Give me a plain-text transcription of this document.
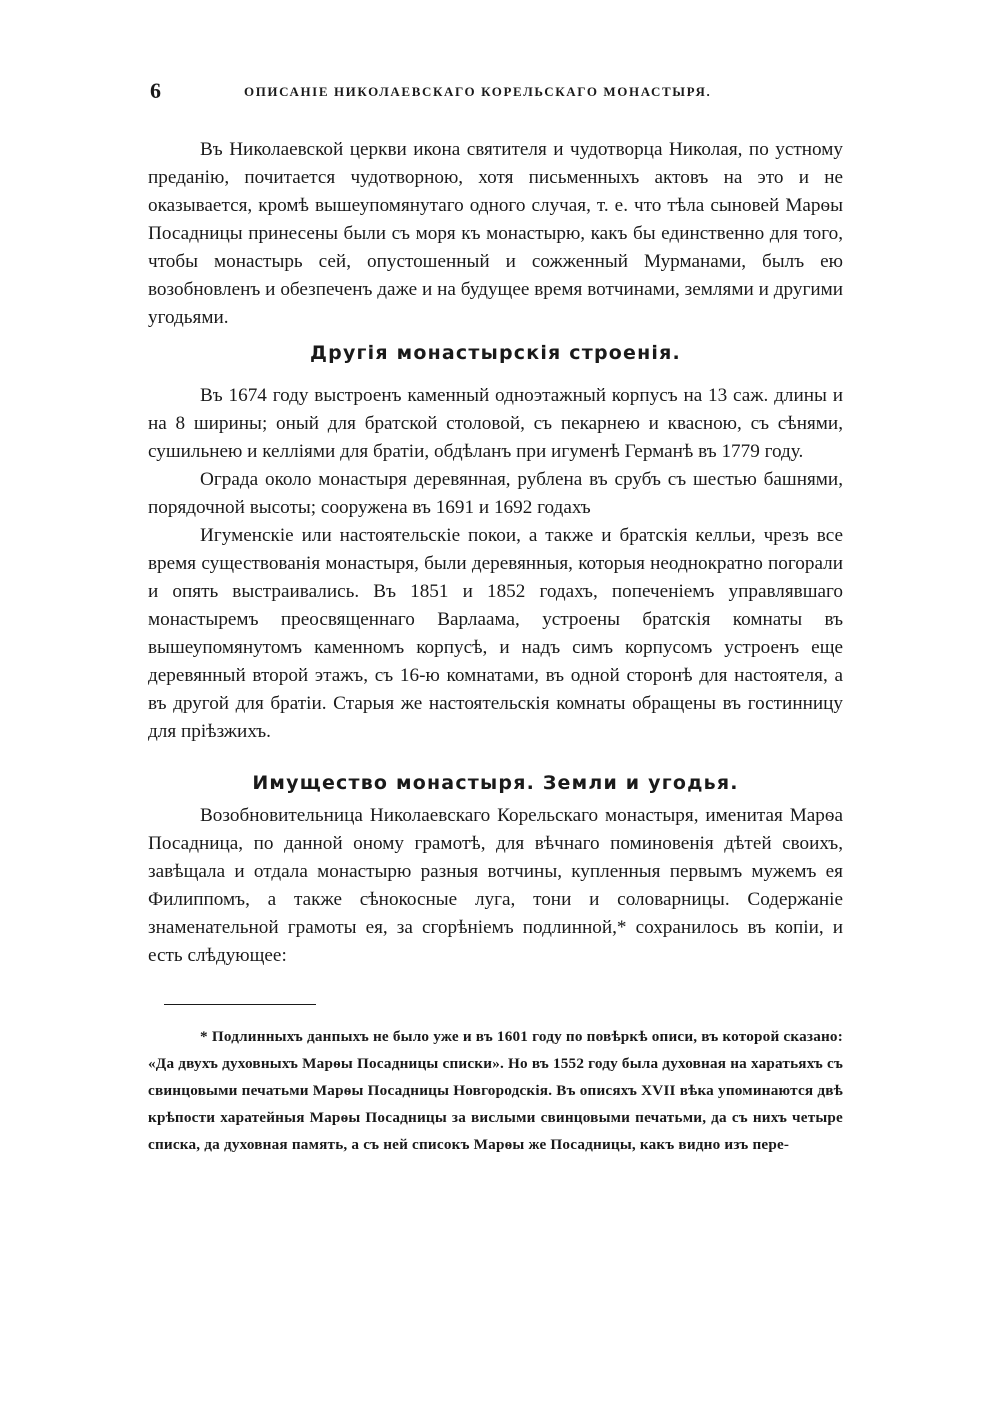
6	ОПИСАНІЕ НИКОЛАЕВСКАГО КОРЕЛЬСКАГО МОНАСТЫРЯ.

Въ Николаевской церкви икона святителя и чудотворца Николая, по устному преданію, почитается чудотворною, хотя письменныхъ актовъ на это и не оказывается, кромѣ вышеупомянутаго одного случая, т. е. что тѣла сыновей Марѳы Посадницы принесены были съ моря къ монастырю, какъ бы единственно для того, чтобы монастырь сей, опустошенный и сожженный Мурманами, былъ ею возобновленъ и обезпеченъ даже и на будущее время вотчинами, землями и другими угодьями.

Другія монастырскія строенія.

Въ 1674 году выстроенъ каменный одноэтажный корпусъ на 13 саж. длины и на 8 ширины; оный для братской столовой, съ пекарнею и квасною, съ сѣнями, сушильнею и келліями для братіи, обдѣланъ при игуменѣ Германѣ въ 1779 году.

Ограда около монастыря деревянная, рублена въ срубъ съ шестью башнями, порядочной высоты; сооружена въ 1691 и 1692 годахъ

Игуменскіе или настоятельскіе покои, а также и братскія келльи, чрезъ все время существованія монастыря, были деревянныя, которыя неоднократно погорали и опять выстраивались. Въ 1851 и 1852 годахъ, попеченіемъ управлявшаго монастыремъ преосвященнаго Варлаама, устроены братскія комнаты въ вышеупомянутомъ каменномъ корпусѣ, и надъ симъ корпусомъ устроенъ еще деревянный второй этажъ, съ 16-ю комнатами, въ одной сторонѣ для настоятеля, а въ другой для братіи. Старыя же настоятельскія комнаты обращены въ гостинницу для пріѣзжихъ.

Имущество монастыря. Земли и угодья.

Возобновительница Николаевскаго Корельскаго монастыря, именитая Марѳа Посадница, по данной оному грамотѣ, для вѣчнаго поминовенія дѣтей своихъ, завѣщала и отдала монастырю разныя вотчины, купленныя первымъ мужемъ ея Филиппомъ, а также сѣнокосные луга, тони и соловарницы. Содержаніе знаменательной грамоты ея, за сгорѣніемъ подлинной,* сохранилось въ копіи, и есть слѣдующее:

* Подлинныхъ данпыхъ не было уже и въ 1601 году по повѣркѣ описи, въ которой сказано: «Да двухъ духовныхъ Марѳы Посадницы списки». Но въ 1552 году была духовная на харатьяхъ съ свинцовыми печатьми Марѳы Посадницы Новгородскія. Въ описяхъ XVII вѣка упоминаются двѣ крѣпости харатейныя Марѳы Посадницы за вислыми свинцовыми печатьми, да съ нихъ четыре списка, да духовная память, а съ ней списокъ Марѳы же Посадницы, какъ видно изъ пере-
